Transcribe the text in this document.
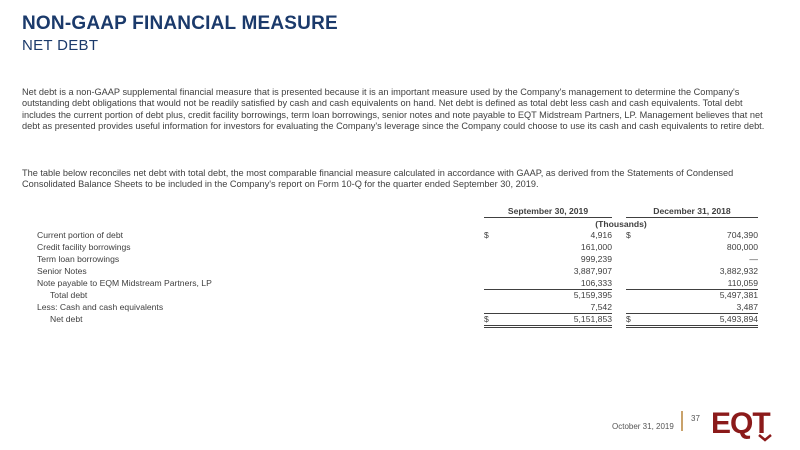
NON-GAAP FINANCIAL MEASURE
NET DEBT

Net debt is a non-GAAP supplemental financial measure that is presented because it is an important measure used by the Company's management to determine the Company's outstanding debt obligations that would not be readily satisfied by cash and cash equivalents on hand. Net debt is defined as total debt less cash and cash equivalents. Total debt includes the current portion of debt plus, credit facility borrowings, term loan borrowings, senior notes and note payable to EQT Midstream Partners, LP. Management believes that net debt as presented provides useful information for investors for evaluating the Company's leverage since the Company could choose to use its cash and cash equivalents to retire debt.

The table below reconciles net debt with total debt, the most comparable financial measure calculated in accordance with GAAP, as derived from the Statements of Condensed Consolidated Balance Sheets to be included in the Company's report on Form 10-Q for the quarter ended September 30, 2019.

September 30, 2019	December 31, 2018
(Thousands)
Current portion of debt	$	4,916 $	704,390
Credit facility borrowings	161,000	800,000
Term loan borrowings	999,239	—
Senior Notes	3,887,907	3,882,932
Note payable to EQM Midstream Partners, LP	106,333	110,059
Total debt	5,159,395	5,497,381
Less: Cash and cash equivalents	7,542	3,487
Net debt	$	5,151,853 $	5,493,894
October 31, 2019
37 EQT
